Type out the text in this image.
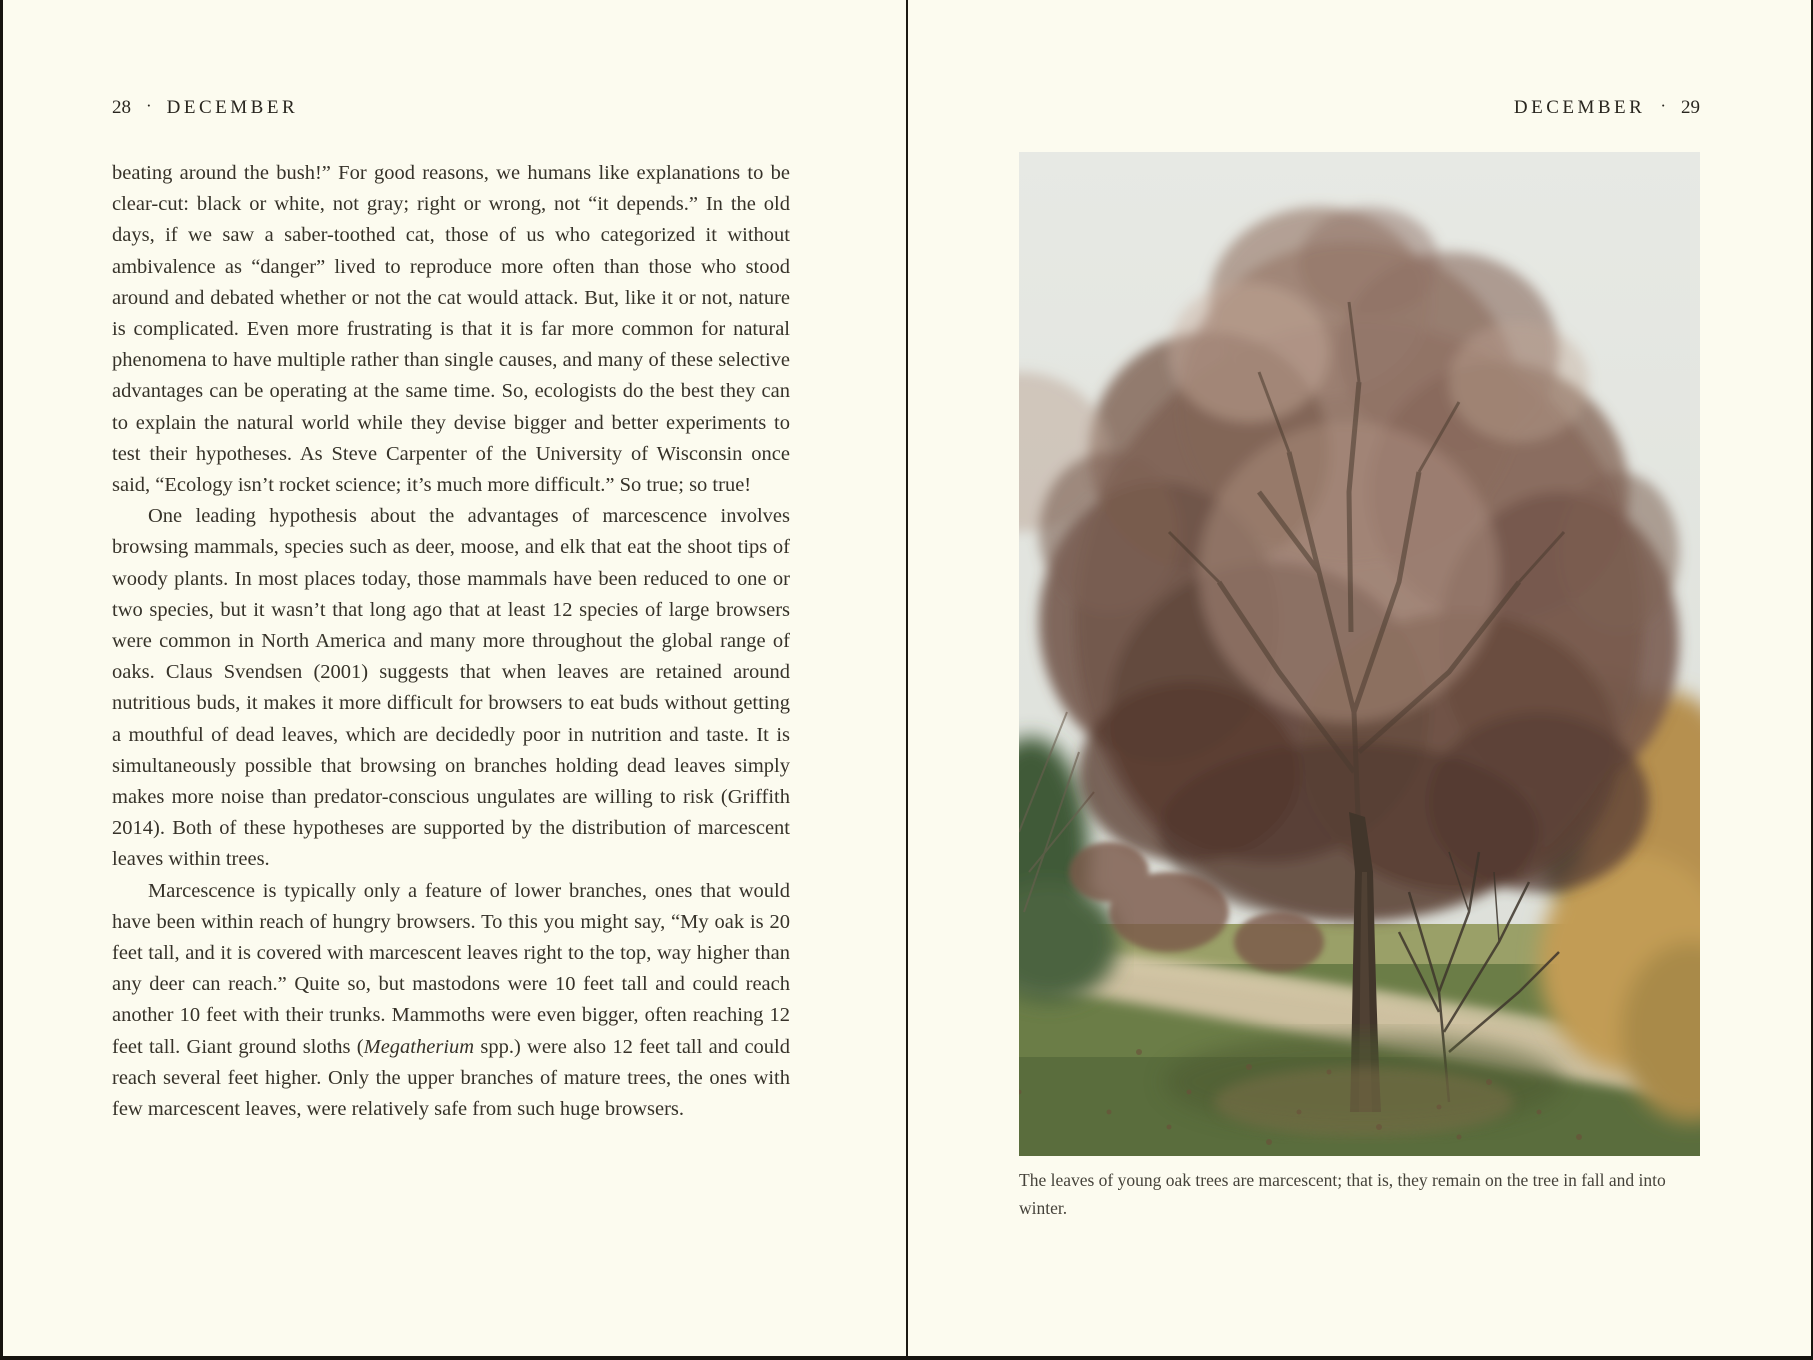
28 · DECEMBER

beating around the bush!” For good reasons, we humans like explanations to be clear-cut: black or white, not gray; right or wrong, not “it depends.” In the old days, if we saw a saber-toothed cat, those of us who categorized it without ambivalence as “danger” lived to reproduce more often than those who stood around and debated whether or not the cat would attack. But, like it or not, nature is complicated. Even more frustrating is that it is far more common for natural phenomena to have multiple rather than single causes, and many of these selective advantages can be operating at the same time. So, ecologists do the best they can to explain the natural world while they devise bigger and better experiments to test their hypotheses. As Steve Carpenter of the University of Wisconsin once said, “Ecology isn’t rocket science; it’s much more difficult.” So true; so true!

One leading hypothesis about the advantages of marcescence involves browsing mammals, species such as deer, moose, and elk that eat the shoot tips of woody plants. In most places today, those mammals have been reduced to one or two species, but it wasn’t that long ago that at least 12 species of large browsers were common in North America and many more throughout the global range of oaks. Claus Svendsen (2001) suggests that when leaves are retained around nutritious buds, it makes it more difficult for browsers to eat buds without getting a mouthful of dead leaves, which are decidedly poor in nutrition and taste. It is simultaneously possible that browsing on branches holding dead leaves simply makes more noise than predator-conscious ungulates are willing to risk (Griffith 2014). Both of these hypotheses are supported by the distribution of marcescent leaves within trees.

Marcescence is typically only a feature of lower branches, ones that would have been within reach of hungry browsers. To this you might say, “My oak is 20 feet tall, and it is covered with marcescent leaves right to the top, way higher than any deer can reach.” Quite so, but mastodons were 10 feet tall and could reach another 10 feet with their trunks. Mammoths were even bigger, often reaching 12 feet tall. Giant ground sloths (Megatherium spp.) were also 12 feet tall and could reach several feet higher. Only the upper branches of mature trees, the ones with few marcescent leaves, were relatively safe from such huge browsers.

DECEMBER · 29
The leaves of young oak trees are marcescent; that is, they remain on the tree in fall and into winter.
